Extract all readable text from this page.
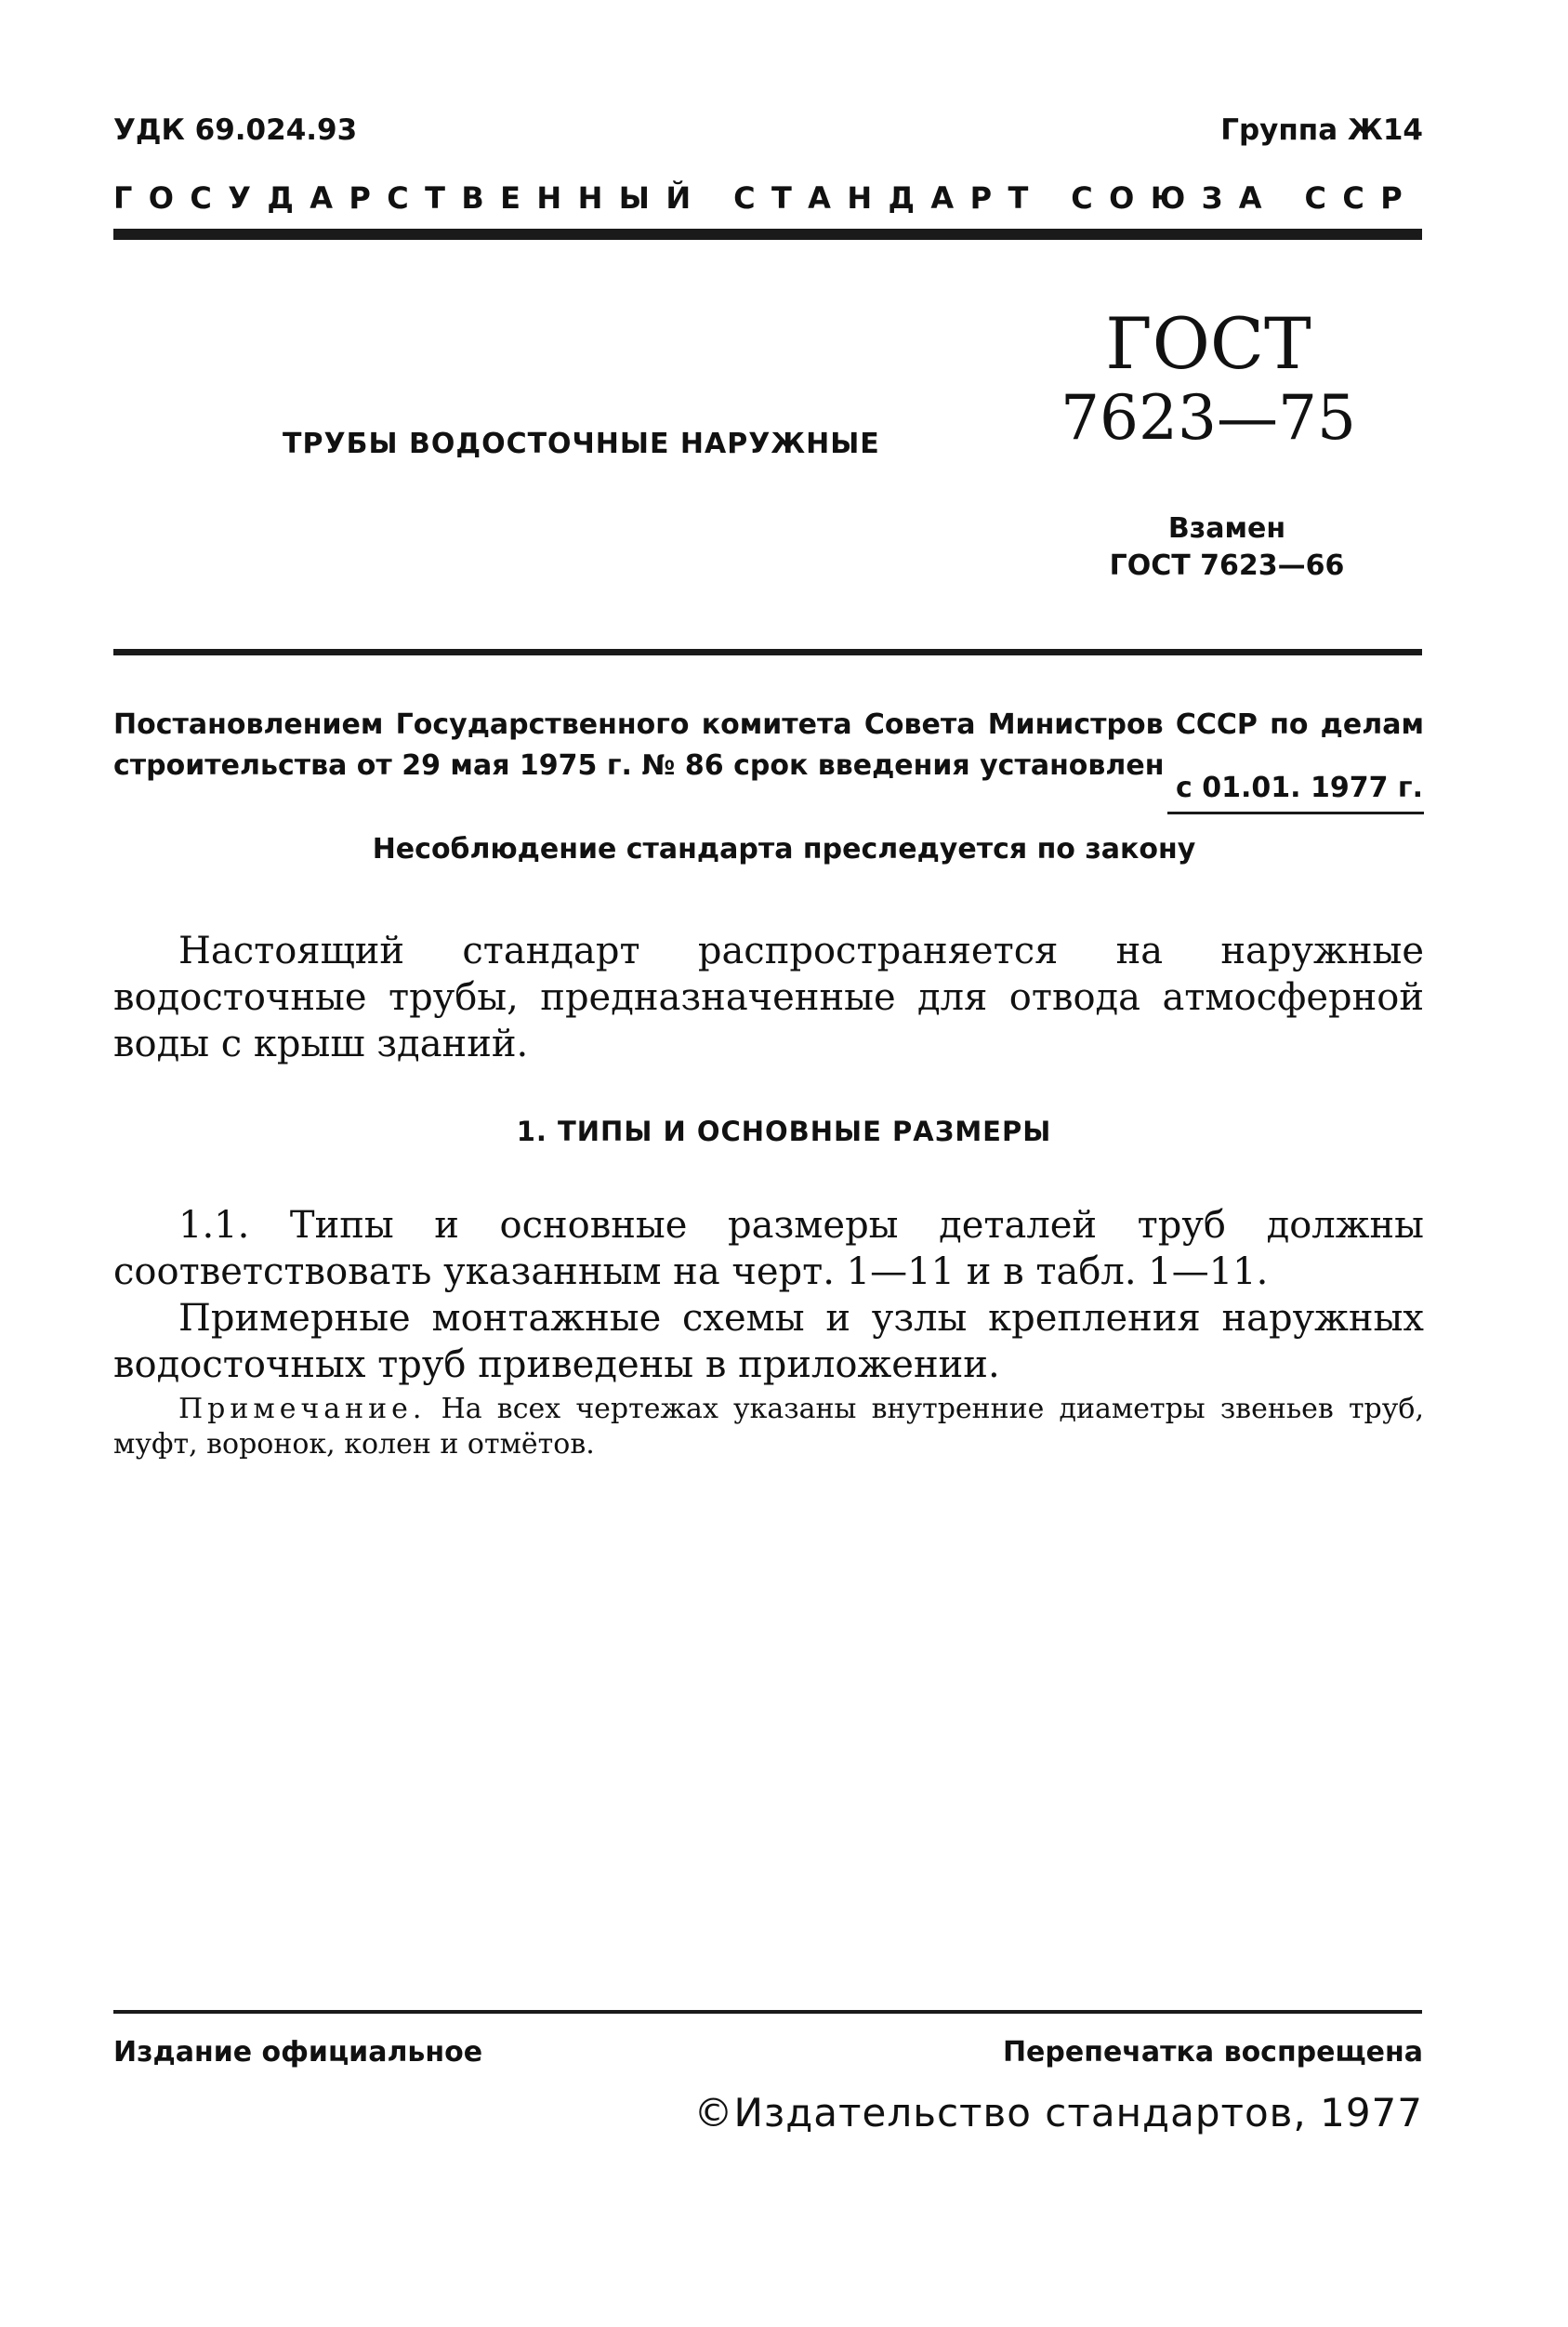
УДК 69.024.93	Группа Ж14
ГОСУДАРСТВЕННЫЙ СТАНДАРТ СОЮЗА ССР
ГОСТ
7623—75
ТРУБЫ ВОДОСТОЧНЫЕ НАРУЖНЫЕ
Взамен
ГОСТ 7623—66
Постановлением Государственного комитета Совета Министров СССР по делам строительства от 29 мая 1975 г. № 86 срок введения установлен
с 01.01. 1977 г.
Несоблюдение стандарта преследуется по закону
Настоящий стандарт распространяется на наружные водосточные трубы, предназначенные для отвода атмосферной воды с крыш зданий.
1. ТИПЫ И ОСНОВНЫЕ РАЗМЕРЫ
1.1. Типы и основные размеры деталей труб должны соответствовать указанным на черт. 1—11 и в табл. 1—11.
Примерные монтажные схемы и узлы крепления наружных водосточных труб приведены в приложении.
Примечание. На всех чертежах указаны внутренние диаметры звеньев труб, муфт, воронок, колен и отмётов.
Издание официальное	Перепечатка воспрещена
©Издательство стандартов, 1977
